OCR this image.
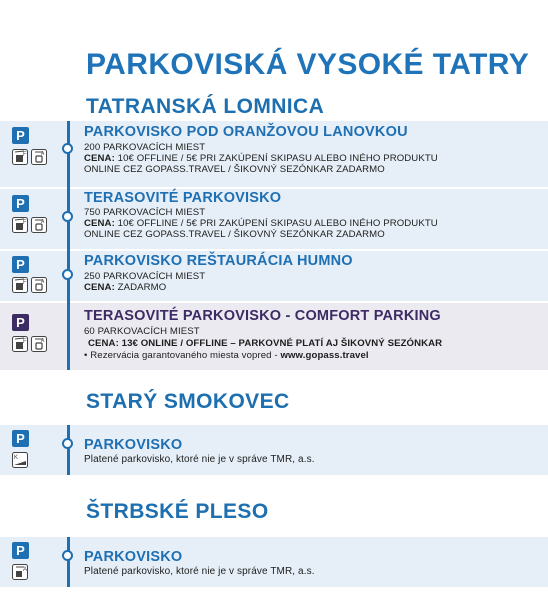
PARKOVISKÁ VYSOKÉ TATRY
TATRANSKÁ LOMNICA
P
F	A
PARKOVISKO POD ORANŽOVOU LANOVKOU
200 PARKOVACÍCH MIEST
CENA: 10€ OFFLINE / 5€ PRI ZAKÚPENÍ SKIPASU ALEBO INÉHO PRODUKTU
ONLINE CEZ GOPASS.TRAVEL / ŠIKOVNÝ SEZÓNKAR ZADARMO
P
F	A
TERASOVITÉ PARKOVISKO
750 PARKOVACÍCH MIEST
CENA: 10€ OFFLINE / 5€ PRI ZAKÚPENÍ SKIPASU ALEBO INÉHO PRODUKTU
ONLINE CEZ GOPASS.TRAVEL / ŠIKOVNÝ SEZÓNKAR ZADARMO
P
F	A
PARKOVISKO REŠTAURÁCIA HUMNO
250 PARKOVACÍCH MIEST
CENA: ZADARMO
P
F	A
TERASOVITÉ PARKOVISKO - COMFORT PARKING
60 PARKOVACÍCH MIEST
CENA: 13€ ONLINE / OFFLINE – PARKOVNÉ PLATÍ AJ ŠIKOVNÝ SEZÓNKAR
• Rezervácia garantovaného miesta vopred - www.gopass.travel
STARÝ SMOKOVEC
P
K
PARKOVISKO
Platené parkovisko, ktoré nie je v správe TMR, a.s.
ŠTRBSKÉ PLESO
P
A
PARKOVISKO
Platené parkovisko, ktoré nie je v správe TMR, a.s.
